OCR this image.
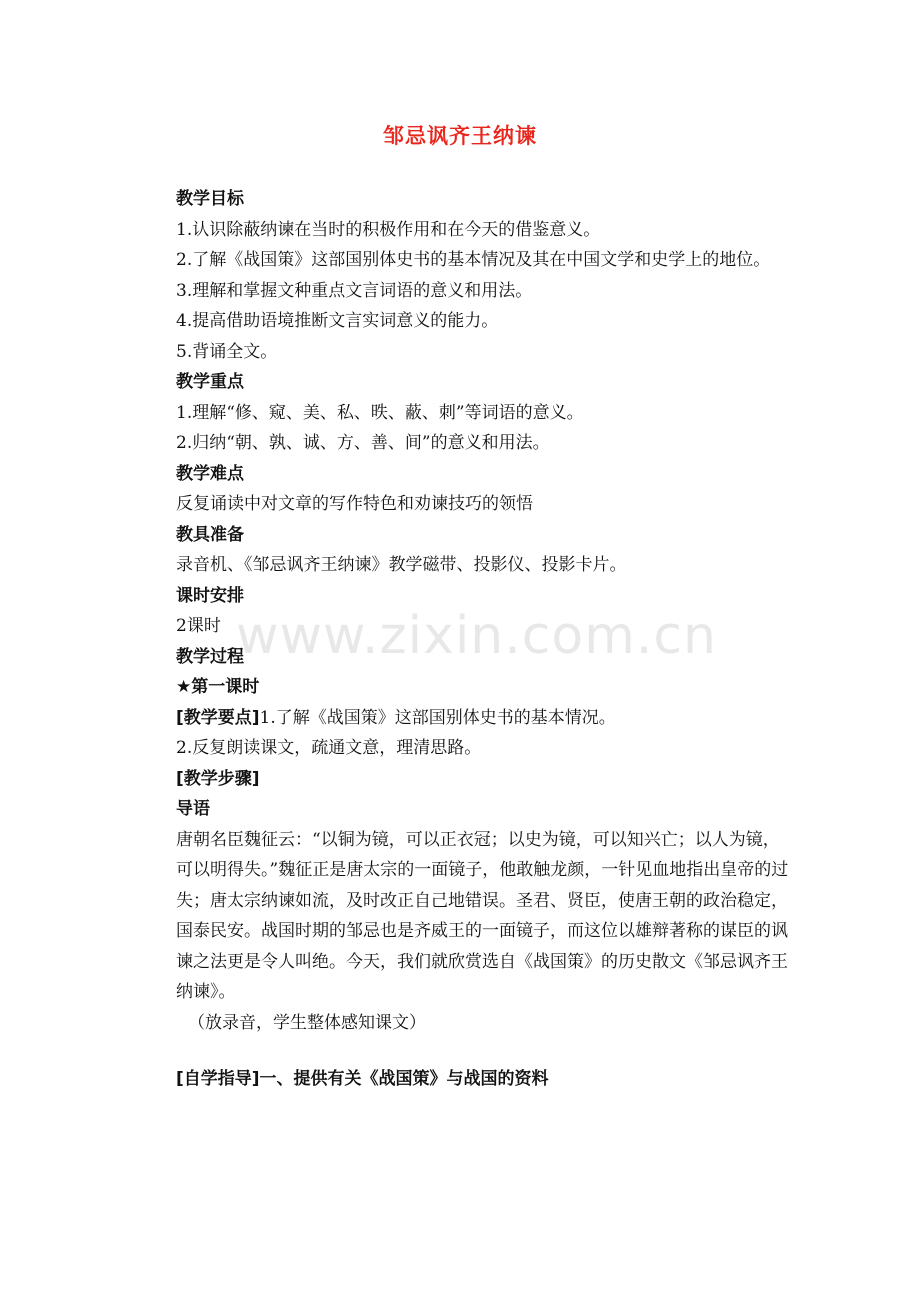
邹忌讽齐王纳谏
www.zixin.com.cn
教学目标
1.认识除蔽纳谏在当时的积极作用和在今天的借鉴意义。
2.了解《战国策》这部国别体史书的基本情况及其在中国文学和史学上的地位。
3.理解和掌握文种重点文言词语的意义和用法。
4.提高借助语境推断文言实词意义的能力。
5.背诵全文。
教学重点
1.理解“修、窥、美、私、昳、蔽、刺”等词语的意义。
2.归纳“朝、孰、诚、方、善、间”的意义和用法。
教学难点
反复诵读中对文章的写作特色和劝谏技巧的领悟
教具准备
录音机、《邹忌讽齐王纳谏》教学磁带、投影仪、投影卡片。
课时安排
2课时
教学过程
★第一课时
[教学要点]1.了解《战国策》这部国别体史书的基本情况。
2.反复朗读课文，疏通文意，理清思路。
[教学步骤]
导语
唐朝名臣魏征云：“以铜为镜，可以正衣冠；以史为镜，可以知兴亡；以人为镜，可以明得失。”魏征正是唐太宗的一面镜子，他敢触龙颜，一针见血地指出皇帝的过失；唐太宗纳谏如流，及时改正自己地错误。圣君、贤臣，使唐王朝的政治稳定，国泰民安。战国时期的邹忌也是齐威王的一面镜子，而这位以雄辩著称的谋臣的讽谏之法更是令人叫绝。今天，我们就欣赏选自《战国策》的历史散文《邹忌讽齐王纳谏》。
（放录音，学生整体感知课文）
[自学指导]一、提供有关《战国策》与战国的资料
